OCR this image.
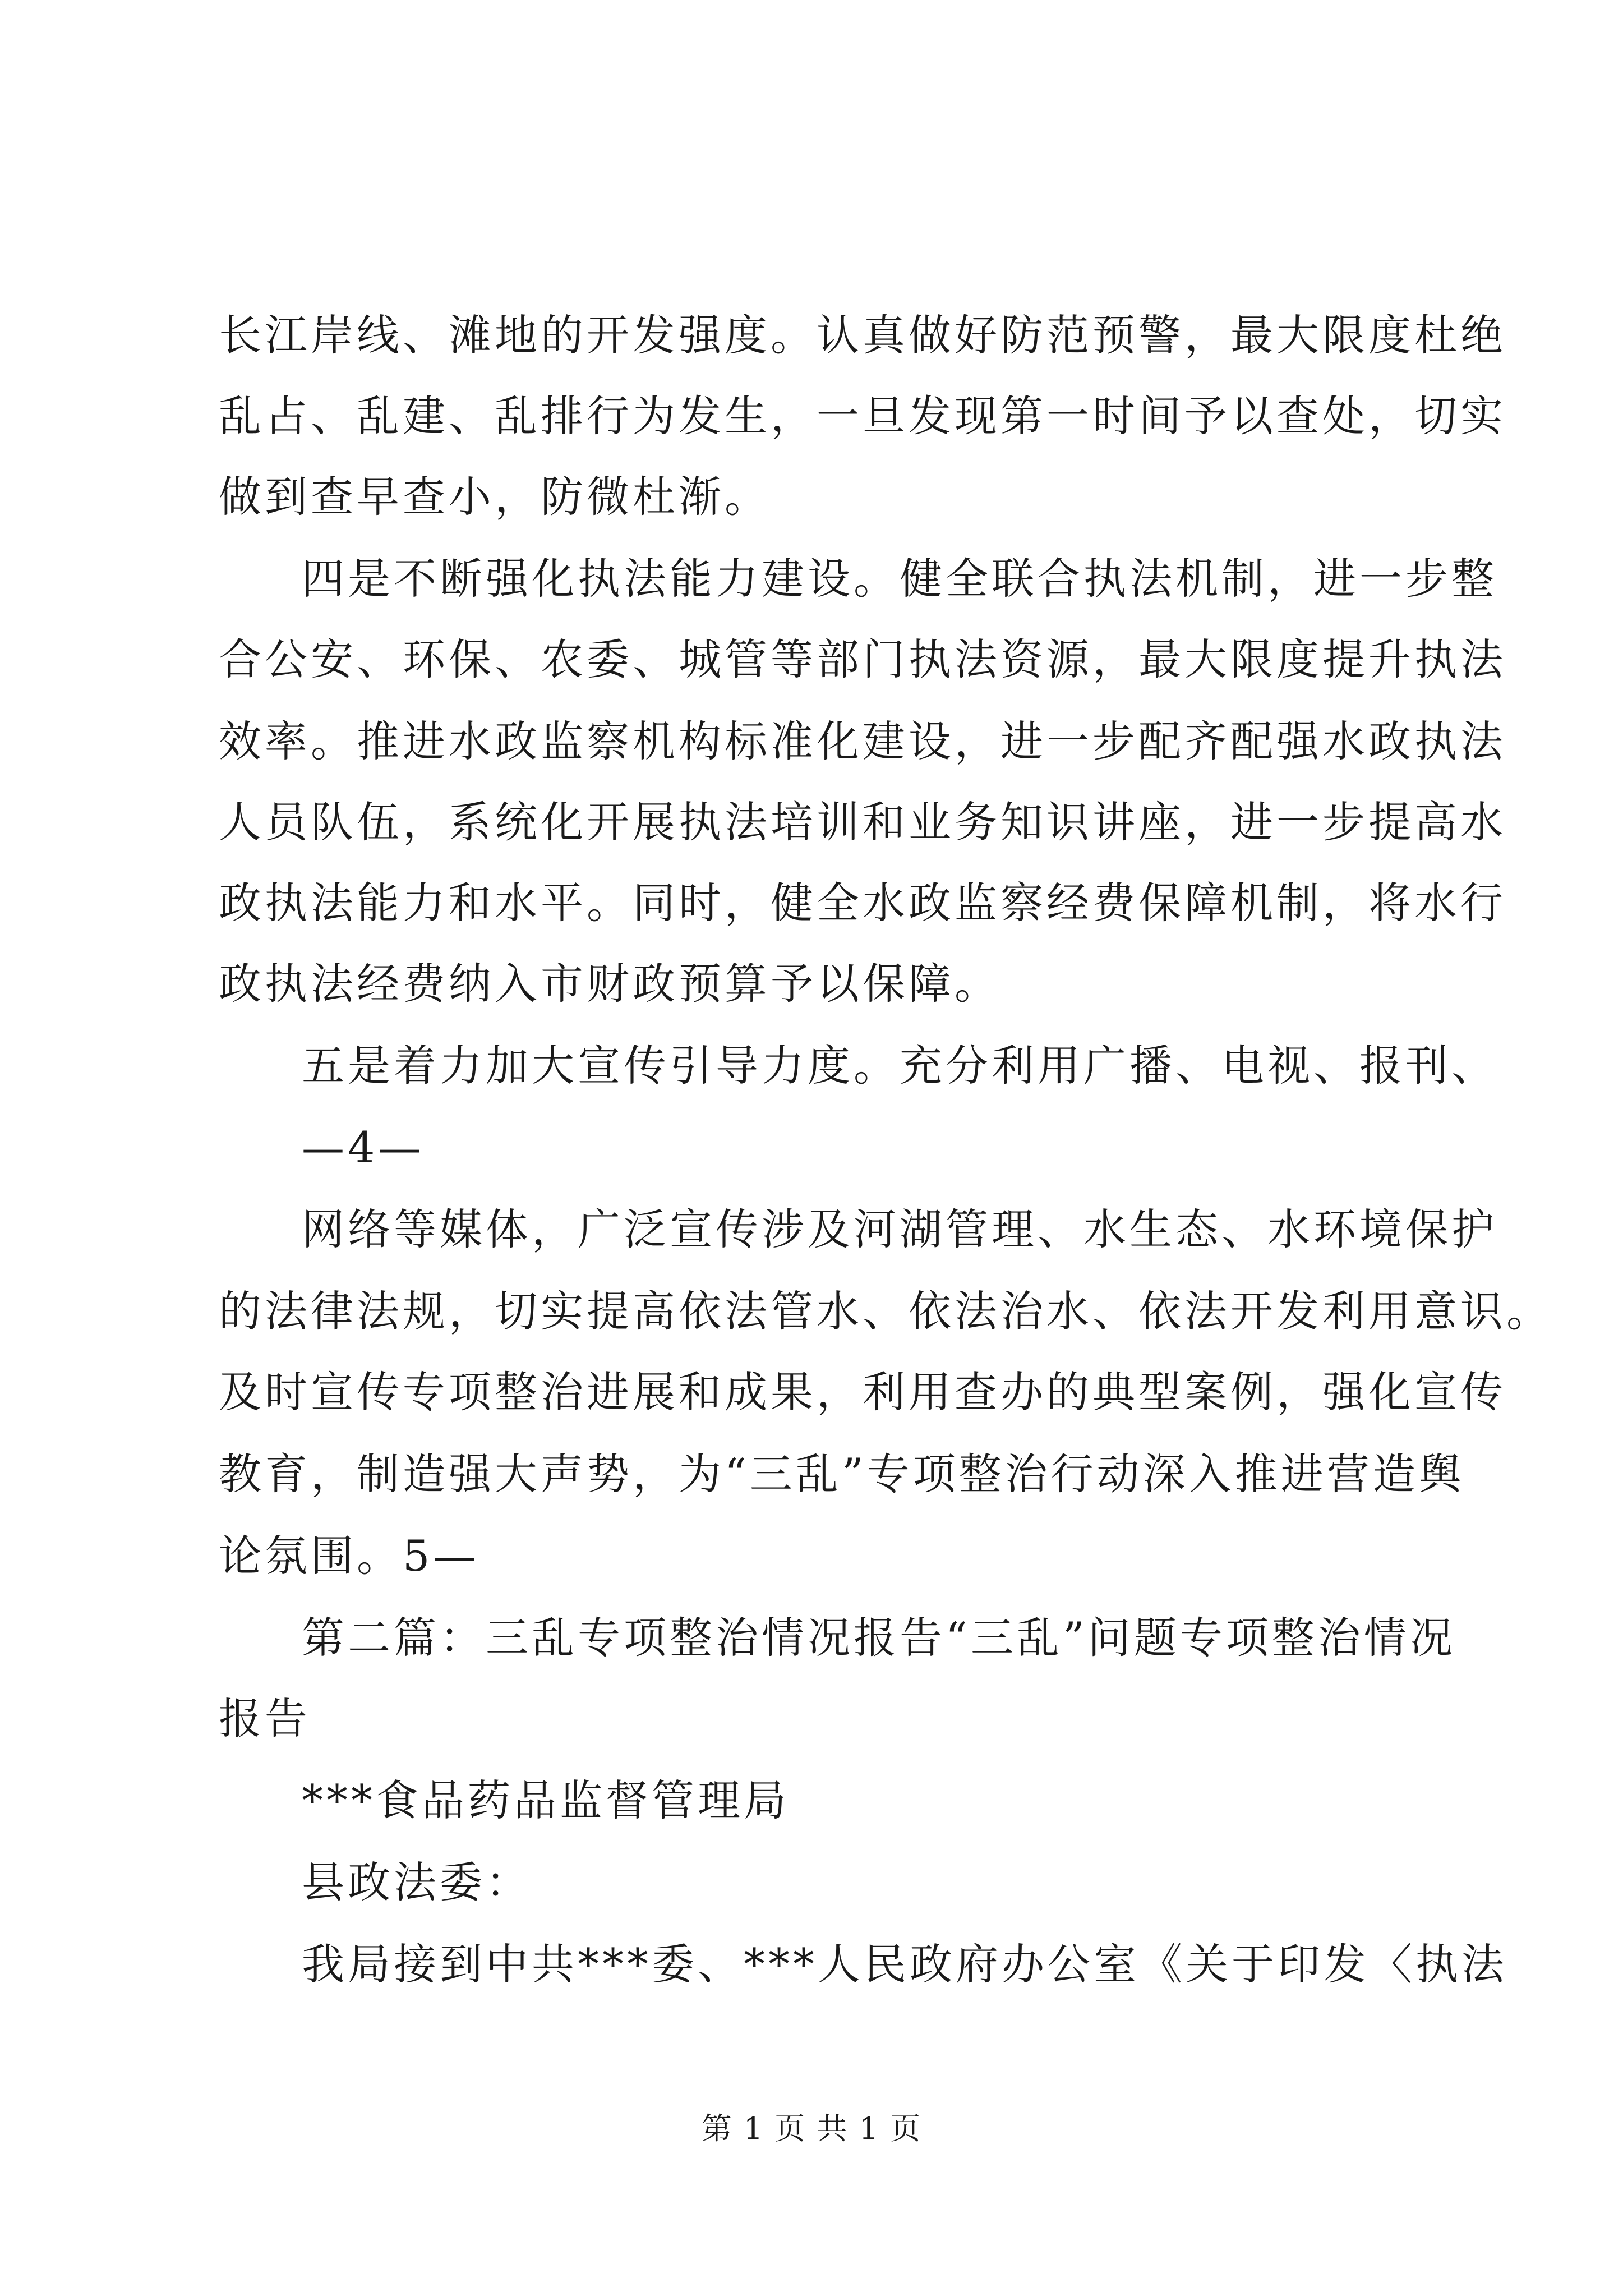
长江岸线、滩地的开发强度。认真做好防范预警，最大限度杜绝
乱占、乱建、乱排行为发生，一旦发现第一时间予以查处，切实
做到查早查小，防微杜渐。
四是不断强化执法能力建设。健全联合执法机制，进一步整
合公安、环保、农委、城管等部门执法资源，最大限度提升执法
效率。推进水政监察机构标准化建设，进一步配齐配强水政执法
人员队伍，系统化开展执法培训和业务知识讲座，进一步提高水
政执法能力和水平。同时，健全水政监察经费保障机制，将水行
政执法经费纳入市财政预算予以保障。
五是着力加大宣传引导力度。充分利用广播、电视、报刊、
—4—
网络等媒体，广泛宣传涉及河湖管理、水生态、水环境保护
的法律法规，切实提高依法管水、依法治水、依法开发利用意识。
及时宣传专项整治进展和成果，利用查办的典型案例，强化宣传
教育，制造强大声势，为“三乱”专项整治行动深入推进营造舆
论氛围。5—
第二篇：三乱专项整治情况报告“三乱”问题专项整治情况
报告
***食品药品监督管理局
县政法委：
我局接到中共***委、***人民政府办公室《关于印发〈执法
第 1 页 共 1 页
